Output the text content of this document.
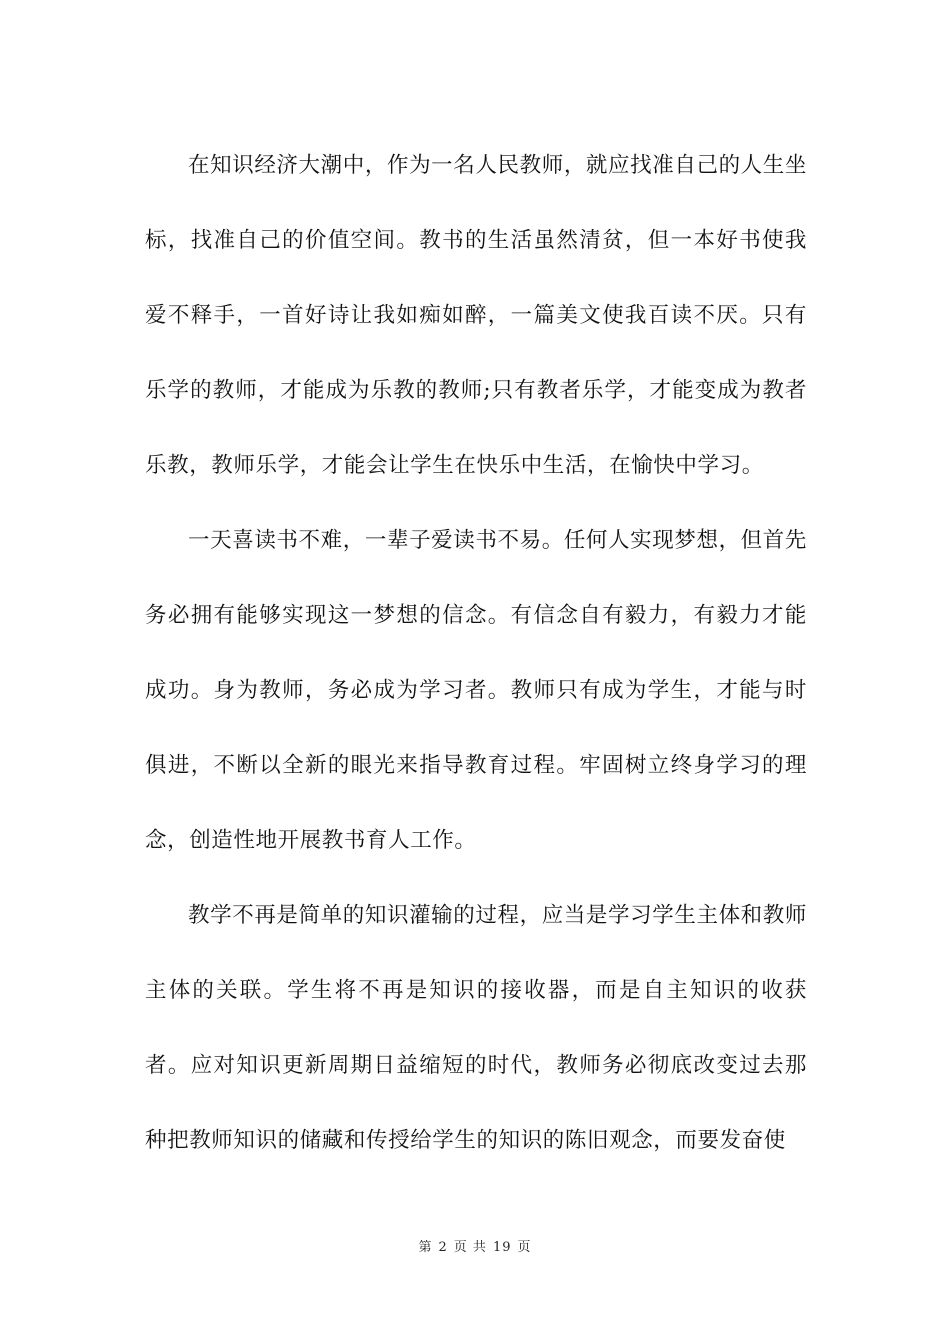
在知识经济大潮中，作为一名人民教师，就应找准自己的人生坐标，找准自己的价值空间。教书的生活虽然清贫，但一本好书使我爱不释手，一首好诗让我如痴如醉，一篇美文使我百读不厌。只有乐学的教师，才能成为乐教的教师;只有教者乐学，才能变成为教者乐教，教师乐学，才能会让学生在快乐中生活，在愉快中学习。

一天喜读书不难，一辈子爱读书不易。任何人实现梦想，但首先务必拥有能够实现这一梦想的信念。有信念自有毅力，有毅力才能成功。身为教师，务必成为学习者。教师只有成为学生，才能与时俱进，不断以全新的眼光来指导教育过程。牢固树立终身学习的理念，创造性地开展教书育人工作。

教学不再是简单的知识灌输的过程，应当是学习学生主体和教师主体的关联。学生将不再是知识的接收器，而是自主知识的收获者。应对知识更新周期日益缩短的时代，教师务必彻底改变过去那种把教师知识的储藏和传授给学生的知识的陈旧观念，而要发奋使

第 2 页 共 19 页
